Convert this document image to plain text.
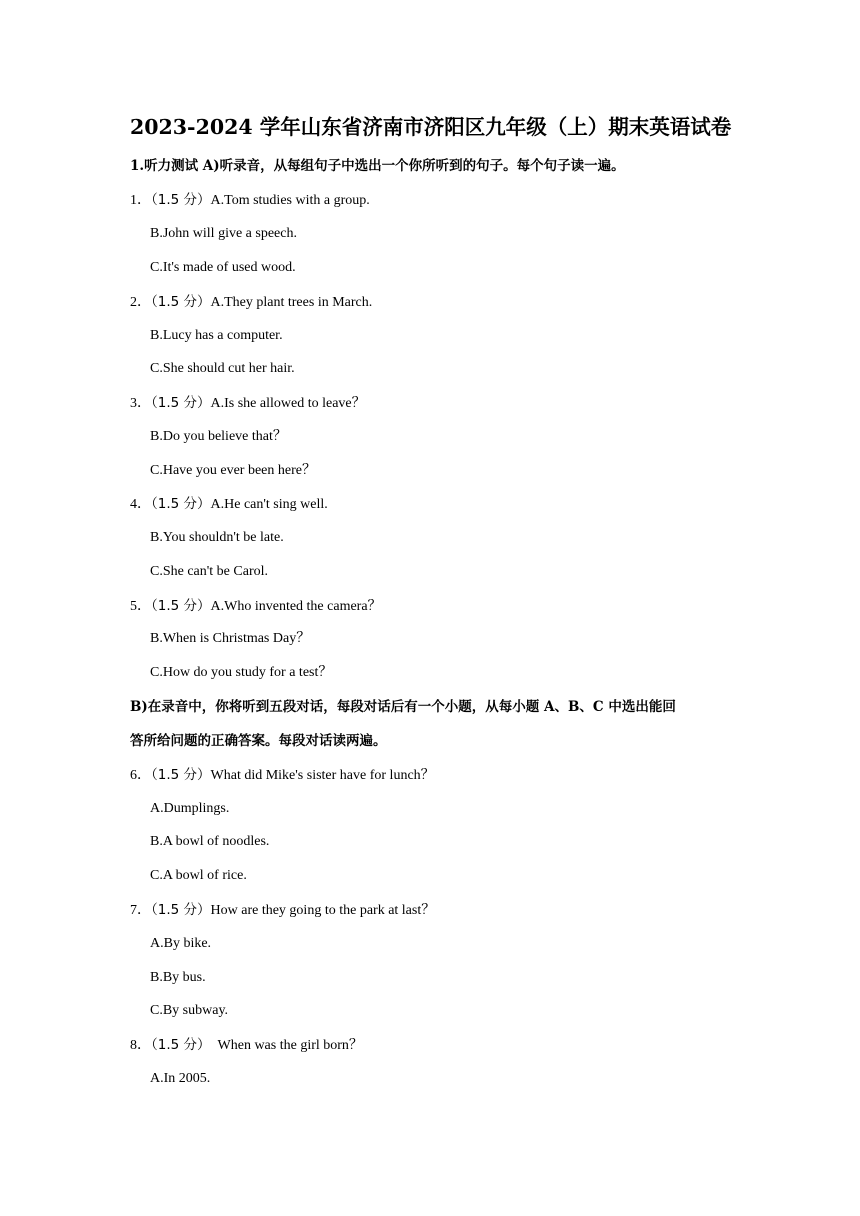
2023-2024 学年山东省济南市济阳区九年级（上）期末英语试卷
1.听力测试 A)听录音，从每组句子中选出一个你所听到的句子。每个句子读一遍。
1．（1.5 分）A.Tom studies with a group.
B.John will give a speech.
C.It's made of used wood.
2．（1.5 分）A.They plant trees in March.
B.Lucy has a computer.
C.She should cut her hair.
3．（1.5 分）A.Is she allowed to leave？
B.Do you believe that？
C.Have you ever been here？
4．（1.5 分）A.He can't sing well.
B.You shouldn't be late.
C.She can't be Carol.
5．（1.5 分）A.Who invented the camera？
B.When is Christmas Day？
C.How do you study for a test？
B)在录音中，你将听到五段对话，每段对话后有一个小题，从每小题 A、B、C 中选出能回
答所给问题的正确答案。每段对话读两遍。
6．（1.5 分）What did Mike's sister have for lunch？
A.Dumplings.
B.A bowl of noodles.
C.A bowl of rice.
7．（1.5 分）How are they going to the park at last？
A.By bike.
B.By bus.
C.By subway.
8．（1.5 分）  When was the girl born？
A.In 2005.
